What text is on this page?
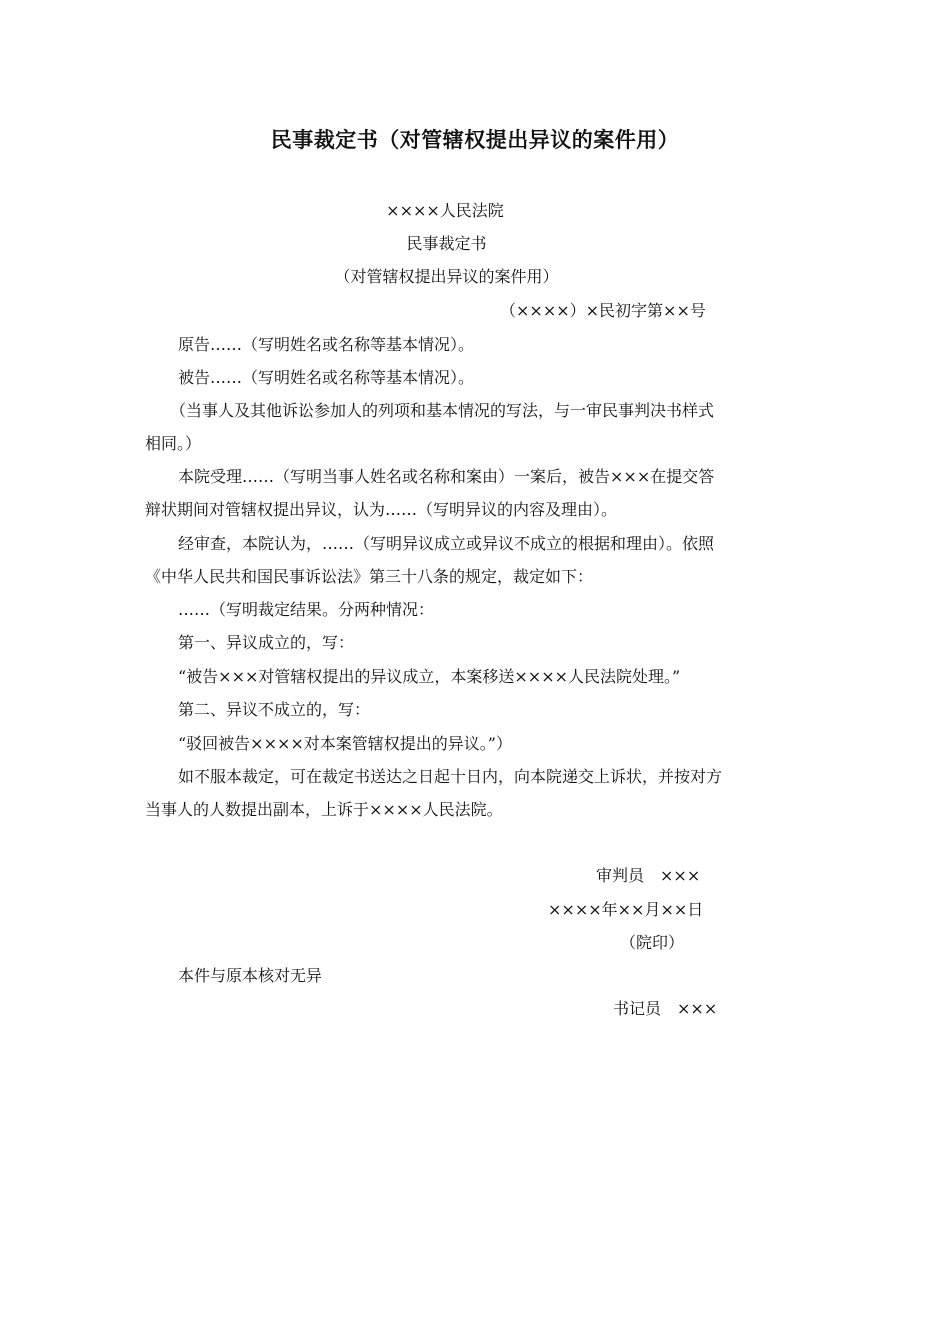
民事裁定书（对管辖权提出异议的案件用）
××××人民法院
民事裁定书
（对管辖权提出异议的案件用）
（××××）×民初字第××号
原告……（写明姓名或名称等基本情况）。
被告……（写明姓名或名称等基本情况）。
（当事人及其他诉讼参加人的列项和基本情况的写法，与一审民事判决书样式
相同。）
本院受理……（写明当事人姓名或名称和案由）一案后，被告×××在提交答
辩状期间对管辖权提出异议，认为……（写明异议的内容及理由）。
经审查，本院认为，……（写明异议成立或异议不成立的根据和理由）。依照
《中华人民共和国民事诉讼法》第三十八条的规定，裁定如下：
……（写明裁定结果。分两种情况：
第一、异议成立的，写：
“被告×××对管辖权提出的异议成立，本案移送××××人民法院处理。”
第二、异议不成立的，写：
“驳回被告××××对本案管辖权提出的异议。”）
如不服本裁定，可在裁定书送达之日起十日内，向本院递交上诉状，并按对方
当事人的人数提出副本，上诉于××××人民法院。
审判员　×××
××××年××月××日
（院印）
本件与原本核对无异
书记员　×××
